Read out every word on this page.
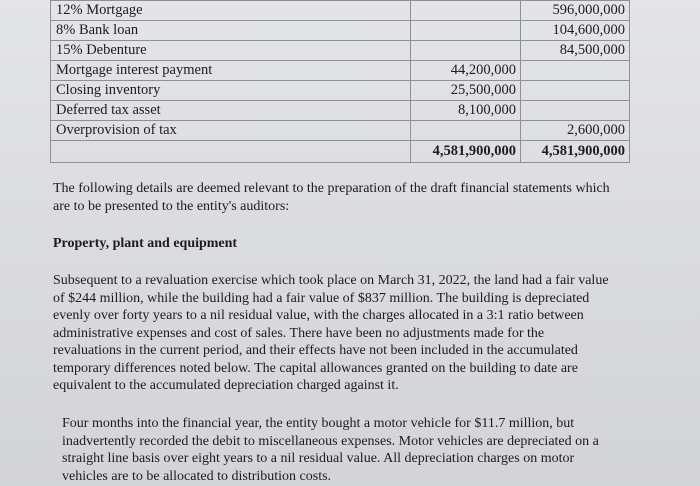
12% Mortgage		596,000,000
8% Bank loan		104,600,000
15% Debenture		84,500,000
Mortgage interest payment	44,200,000	
Closing inventory	25,500,000	
Deferred tax asset	8,100,000	
Overprovision of tax		2,600,000
	4,581,900,000	4,581,900,000

The following details are deemed relevant to the preparation of the draft financial statements which are to be presented to the entity's auditors:

Property, plant and equipment

Subsequent to a revaluation exercise which took place on March 31, 2022, the land had a fair value of $244 million, while the building had a fair value of $837 million. The building is depreciated evenly over forty years to a nil residual value, with the charges allocated in a 3:1 ratio between administrative expenses and cost of sales. There have been no adjustments made for the revaluations in the current period, and their effects have not been included in the accumulated temporary differences noted below. The capital allowances granted on the building to date are equivalent to the accumulated depreciation charged against it.

Four months into the financial year, the entity bought a motor vehicle for $11.7 million, but inadvertently recorded the debit to miscellaneous expenses. Motor vehicles are depreciated on a straight line basis over eight years to a nil residual value. All depreciation charges on motor vehicles are to be allocated to distribution costs.
